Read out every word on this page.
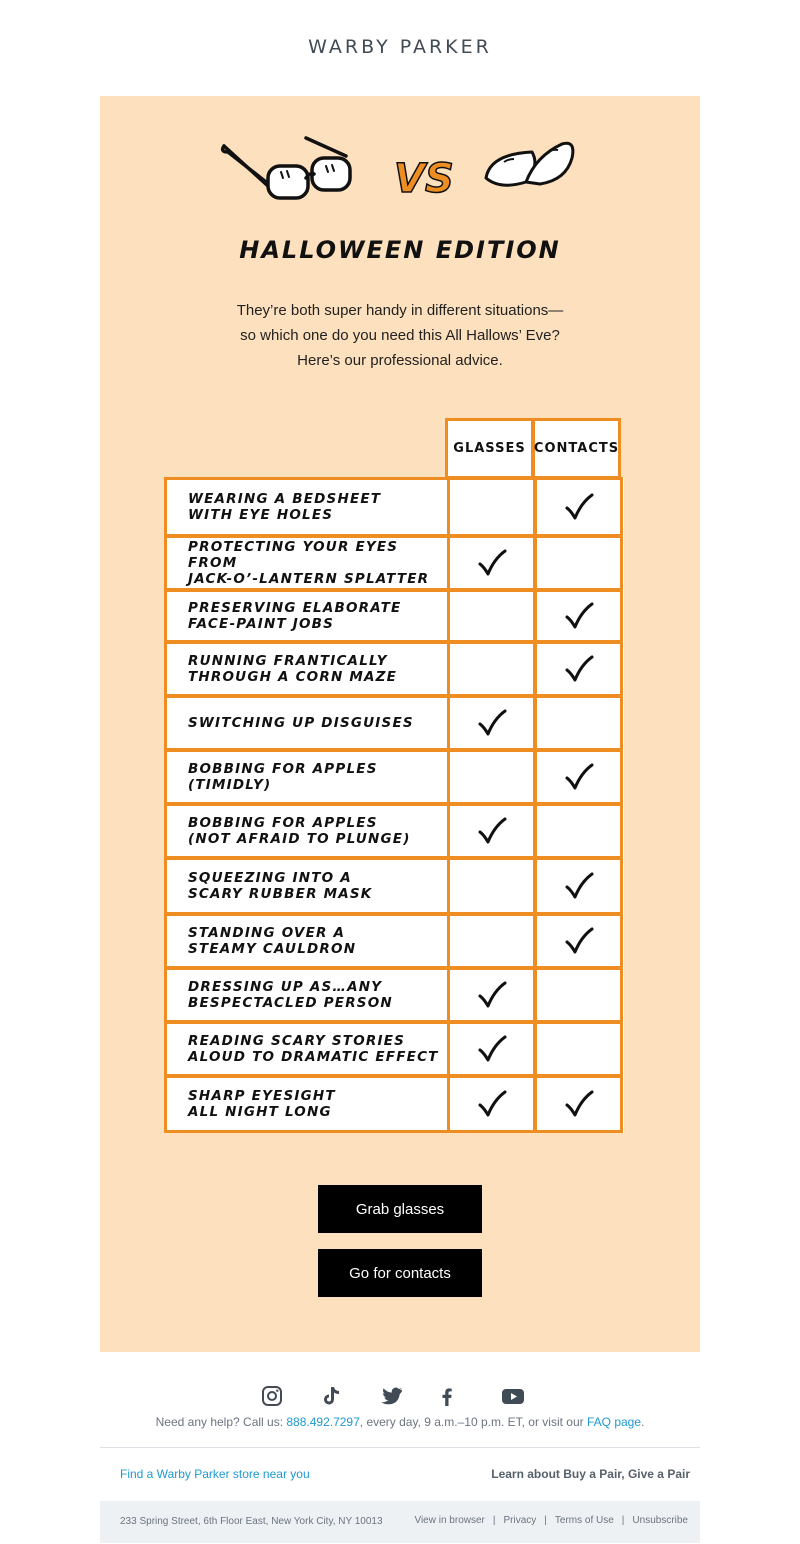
WARBY PARKER
VS
HALLOWEEN EDITION
They’re both super handy in different situations—
so which one do you need this All Hallows’ Eve?
Here’s our professional advice.
GLASSES CONTACTS
WEARING A BEDSHEET
WITH EYE HOLES
PROTECTING YOUR EYES FROM
JACK-O’-LANTERN SPLATTER
PRESERVING ELABORATE
FACE-PAINT JOBS
RUNNING FRANTICALLY
THROUGH A CORN MAZE
SWITCHING UP DISGUISES
BOBBING FOR APPLES
(TIMIDLY)
BOBBING FOR APPLES
(NOT AFRAID TO PLUNGE)
SQUEEZING INTO A
SCARY RUBBER MASK
STANDING OVER A
STEAMY CAULDRON
DRESSING UP AS…ANY
BESPECTACLED PERSON
READING SCARY STORIES
ALOUD TO DRAMATIC EFFECT
SHARP EYESIGHT
ALL NIGHT LONG
Grab glasses
Go for contacts
Need any help? Call us: 888.492.7297, every day, 9 a.m.–10 p.m. ET, or visit our FAQ page.
Find a Warby Parker store near you	Learn about Buy a Pair, Give a Pair
233 Spring Street, 6th Floor East, New York City, NY 10013	View in browser | Privacy | Terms of Use | Unsubscribe
